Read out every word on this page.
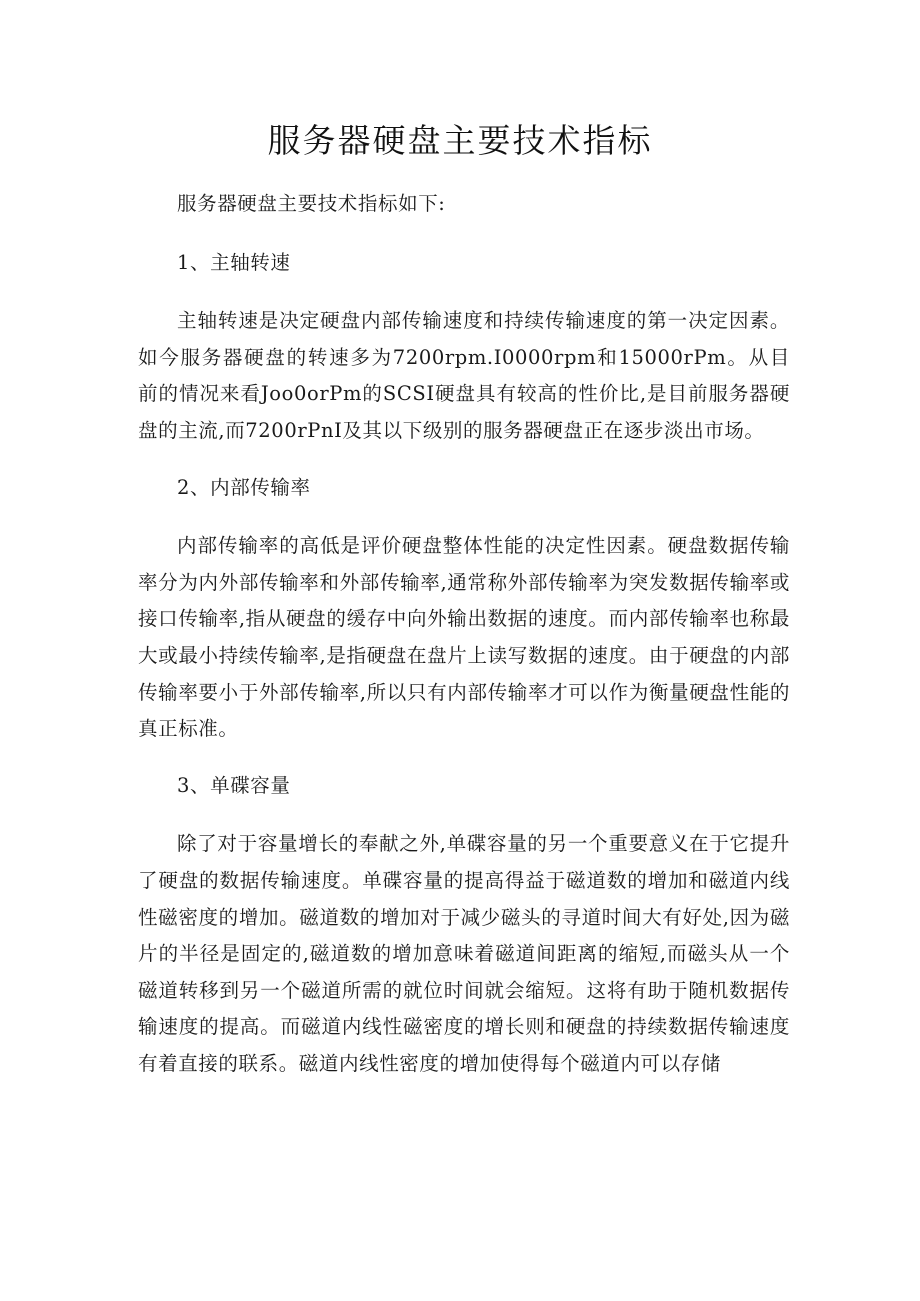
服务器硬盘主要技术指标

服务器硬盘主要技术指标如下:

1、主轴转速

主轴转速是决定硬盘内部传输速度和持续传输速度的第一决定因素。如今服务器硬盘的转速多为7200rpm.I0000rpm和15000rPm。从目前的情况来看Joo0orPm的SCSI硬盘具有较高的性价比,是目前服务器硬盘的主流,而7200rPnI及其以下级别的服务器硬盘正在逐步淡出市场。

2、内部传输率

内部传输率的高低是评价硬盘整体性能的决定性因素。硬盘数据传输率分为内外部传输率和外部传输率,通常称外部传输率为突发数据传输率或接口传输率,指从硬盘的缓存中向外输出数据的速度。而内部传输率也称最大或最小持续传输率,是指硬盘在盘片上读写数据的速度。由于硬盘的内部传输率要小于外部传输率,所以只有内部传输率才可以作为衡量硬盘性能的真正标准。

3、单碟容量

除了对于容量增长的奉献之外,单碟容量的另一个重要意义在于它提升了硬盘的数据传输速度。单碟容量的提高得益于磁道数的增加和磁道内线性磁密度的增加。磁道数的增加对于减少磁头的寻道时间大有好处,因为磁片的半径是固定的,磁道数的增加意味着磁道间距离的缩短,而磁头从一个磁道转移到另一个磁道所需的就位时间就会缩短。这将有助于随机数据传输速度的提高。而磁道内线性磁密度的增长则和硬盘的持续数据传输速度有着直接的联系。磁道内线性密度的增加使得每个磁道内可以存储
